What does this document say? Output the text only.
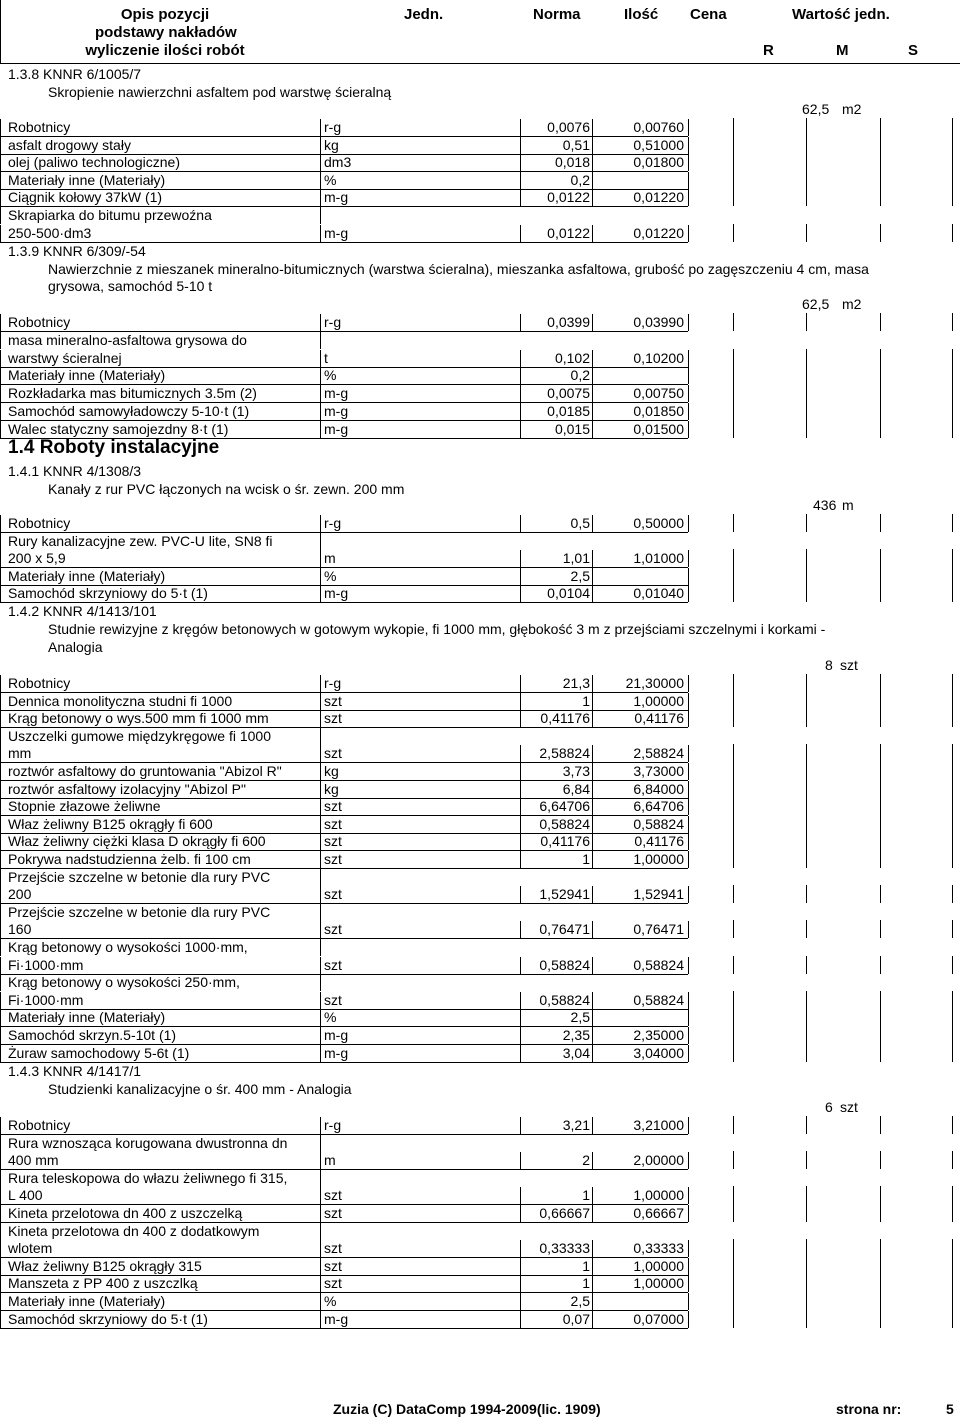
Opis pozycji
podstawy nakładów
wyliczenie ilości robót
Jedn.	Norma	Ilość Cena	Wartość jedn.
R	M	S
1.3.8 KNNR 6/1005/7
Skropienie nawierzchni asfaltem pod warstwę ścieralną
62,5 m2
Robotnicy	r-g	0,0076	0,00760
asfalt drogowy stały	kg	0,51	0,51000
olej (paliwo technologiczne)	dm3	0,018	0,01800
Materiały inne (Materiały)	%	0,2
Ciągnik kołowy 37kW (1)	m-g	0,0122	0,01220
Skrapiarka do bitumu przewoźna
250-500·dm3	m-g	0,0122	0,01220
1.3.9 KNNR 6/309/-54
Nawierzchnie z mieszanek mineralno-bitumicznych (warstwa ścieralna), mieszanka asfaltowa, grubość po zagęszczeniu 4 cm, masa
grysowa, samochód 5-10 t
62,5 m2
Robotnicy	r-g	0,0399	0,03990
masa mineralno-asfaltowa grysowa do
warstwy ścieralnej	t	0,102	0,10200
Materiały inne (Materiały)	%	0,2
Rozkładarka mas bitumicznych 3.5m (2)	m-g	0,0075	0,00750
Samochód samowyładowczy 5-10·t (1)	m-g	0,0185	0,01850
Walec statyczny samojezdny 8·t (1)	m-g	0,015	0,01500
1.4 Roboty instalacyjne
1.4.1 KNNR 4/1308/3
Kanały z rur PVC łączonych na wcisk o śr. zewn. 200 mm
436 m
Robotnicy	r-g	0,5	0,50000
Rury kanalizacyjne zew. PVC-U lite, SN8 fi
200 x 5,9	m	1,01	1,01000
Materiały inne (Materiały)	%	2,5
Samochód skrzyniowy do 5·t (1)	m-g	0,0104	0,01040
1.4.2 KNNR 4/1413/101
Studnie rewizyjne z kręgów betonowych w gotowym wykopie, fi 1000 mm, głębokość 3 m z przejściami szczelnymi i korkami -
Analogia
8 szt
Robotnicy	r-g	21,3	21,30000
Dennica monolityczna studni fi 1000	szt	1	1,00000
Krąg betonowy o wys.500 mm fi 1000 mm	szt	0,41176	0,41176
Uszczelki gumowe międzykręgowe fi 1000
mm	szt	2,58824	2,58824
roztwór asfaltowy do gruntowania "Abizol R"	kg	3,73	3,73000
roztwór asfaltowy izolacyjny "Abizol P"	kg	6,84	6,84000
Stopnie złazowe żeliwne	szt	6,64706	6,64706
Właz żeliwny B125 okrągły fi 600	szt	0,58824	0,58824
Właz żeliwny ciężki klasa D okrągły fi 600	szt	0,41176	0,41176
Pokrywa nadstudzienna żelb. fi 100 cm	szt	1	1,00000
Przejście szczelne w betonie dla rury PVC
200	szt	1,52941	1,52941
Przejście szczelne w betonie dla rury PVC
160	szt	0,76471	0,76471
Krąg betonowy o wysokości 1000·mm,
Fi·1000·mm	szt	0,58824	0,58824
Krąg betonowy o wysokości 250·mm,
Fi·1000·mm	szt	0,58824	0,58824
Materiały inne (Materiały)	%	2,5
Samochód skrzyn.5-10t (1)	m-g	2,35	2,35000
Żuraw samochodowy 5-6t (1)	m-g	3,04	3,04000
1.4.3 KNNR 4/1417/1
Studzienki kanalizacyjne o śr. 400 mm - Analogia
6 szt
Robotnicy	r-g	3,21	3,21000
Rura wznosząca korugowana dwustronna dn
400 mm	m	2	2,00000
Rura teleskopowa do włazu żeliwnego fi 315,
L 400	szt	1	1,00000
Kineta przelotowa dn 400 z uszczelką	szt	0,66667	0,66667
Kineta przelotowa dn 400 z dodatkowym
wlotem	szt	0,33333	0,33333
Właz żeliwny B125 okrągły 315	szt	1	1,00000
Manszeta z PP 400 z uszczlką	szt	1	1,00000
Materiały inne (Materiały)	%	2,5
Samochód skrzyniowy do 5·t (1)	m-g	0,07	0,07000
Zuzia (C) DataComp 1994-2009(lic. 1909)	strona nr:	5
